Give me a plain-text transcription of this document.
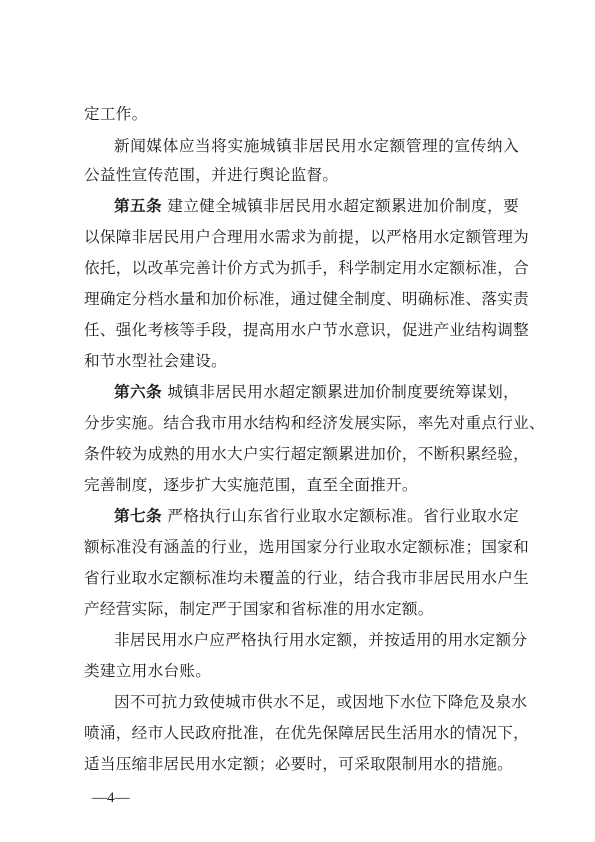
定工作。
新闻媒体应当将实施城镇非居民用水定额管理的宣传纳入
公益性宣传范围，并进行舆论监督。
第五条 建立健全城镇非居民用水超定额累进加价制度，要
以保障非居民用户合理用水需求为前提，以严格用水定额管理为
依托，以改革完善计价方式为抓手，科学制定用水定额标准，合
理确定分档水量和加价标准，通过健全制度、明确标准、落实责
任、强化考核等手段，提高用水户节水意识，促进产业结构调整
和节水型社会建设。
第六条 城镇非居民用水超定额累进加价制度要统筹谋划，
分步实施。结合我市用水结构和经济发展实际，率先对重点行业、
条件较为成熟的用水大户实行超定额累进加价，不断积累经验，
完善制度，逐步扩大实施范围，直至全面推开。
第七条 严格执行山东省行业取水定额标准。省行业取水定
额标准没有涵盖的行业，选用国家分行业取水定额标准；国家和
省行业取水定额标准均未覆盖的行业，结合我市非居民用水户生
产经营实际，制定严于国家和省标准的用水定额。
非居民用水户应严格执行用水定额，并按适用的用水定额分
类建立用水台账。
因不可抗力致使城市供水不足，或因地下水位下降危及泉水
喷涌，经市人民政府批准，在优先保障居民生活用水的情况下，
适当压缩非居民用水定额；必要时，可采取限制用水的措施。
—4—
